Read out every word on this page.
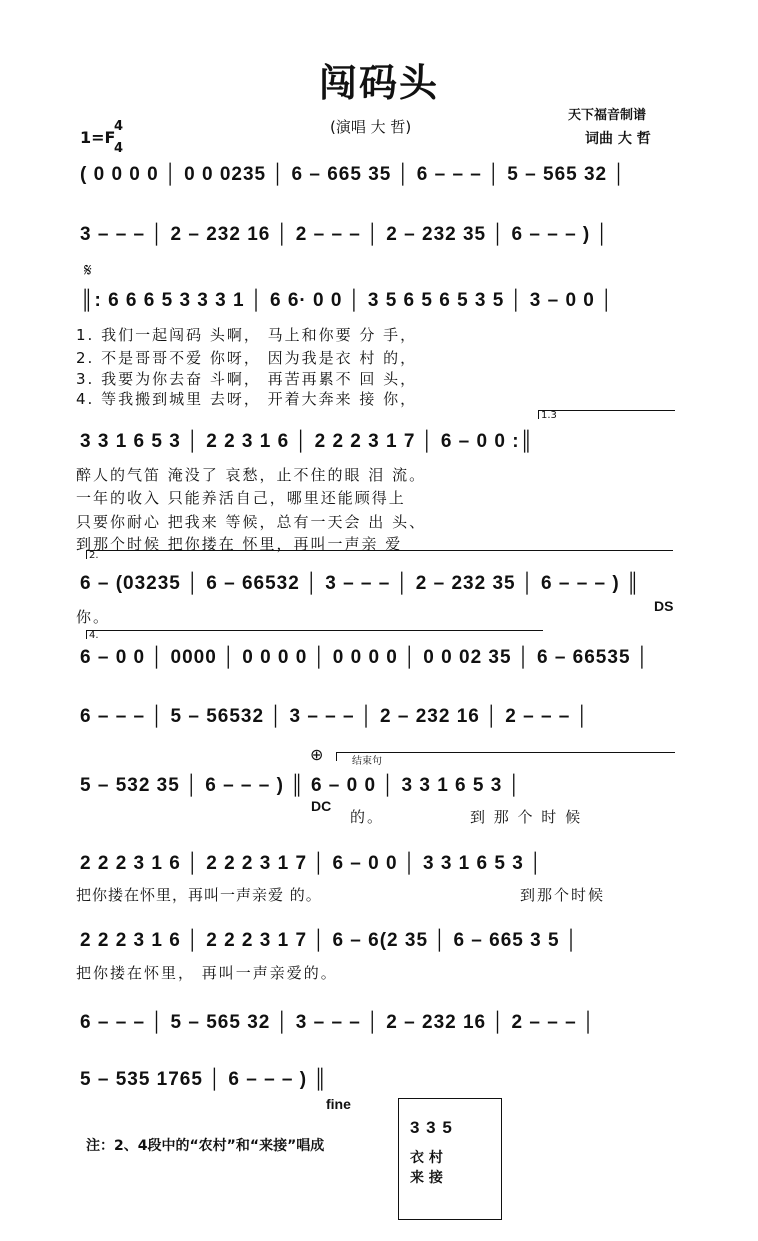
闯码头
(演唱 大 哲)
天下福音制谱
词曲 大 哲
1=F
4
4
( 0 0 0 0 │ 0 0 0235 │ 6 – 665 35 │ 6 – – – │ 5 – 565 32 │
3 – – – │ 2 – 232 16 │ 2 – – – │ 2 – 232 35 │ 6 – – – ) │
𝄋
║: 6 6 6 5 3 3 3 1 │ 6 6· 0 0 │ 3 5 6 5 6 5 3 5 │ 3 – 0 0 │
1. 我们一起闯码 头啊， 马上和你要 分 手，
2. 不是哥哥不爱 你呀， 因为我是衣 村 的，
3. 我要为你去奋 斗啊， 再苦再累不 回 头，
4. 等我搬到城里 去呀， 开着大奔来 接 你，
1.3
3 3 1 6 5 3 │ 2 2 3 1 6 │ 2 2 2 3 1 7 │ 6 – 0 0 :║
醉人的气笛 淹没了 哀愁，止不住的眼 泪 流。
一年的收入 只能养活自己，哪里还能顾得上
只要你耐心 把我来 等候，总有一天会 出 头、
到那个时候 把你搂在 怀里，再叫一声亲 爱
2.
6 – (03235 │ 6 – 66532 │ 3 – – – │ 2 – 232 35 │ 6 – – – ) ║
你。
DS
4.
6 – 0 0 │ 0000 │ 0 0 0 0 │ 0 0 0 0 │ 0 0 02 35 │ 6 – 66535 │
6 – – – │ 5 – 56532 │ 3 – – – │ 2 – 232 16 │ 2 – – – │
⊕	结束句
5 – 532 35 │ 6 – – – ) ║ 6 – 0 0 │ 3 3 1 6 5 3 │
DC
的。	到 那 个 时 候
2 2 2 3 1 6 │ 2 2 2 3 1 7 │ 6 – 0 0 │ 3 3 1 6 5 3 │
把你搂在怀里，再叫一声亲爱 的。	到那个时候
2 2 2 3 1 6 │ 2 2 2 3 1 7 │ 6 – 6(2 35 │ 6 – 665 3 5 │
把你搂在怀里， 再叫一声亲爱的。
6 – – – │ 5 – 565 32 │ 3 – – – │ 2 – 232 16 │ 2 – – – │
5 – 535 1765 │ 6 – – – ) ║
fine
注：2、4段中的“农村”和“来接”唱成
3 3 5
衣 村
来 接
